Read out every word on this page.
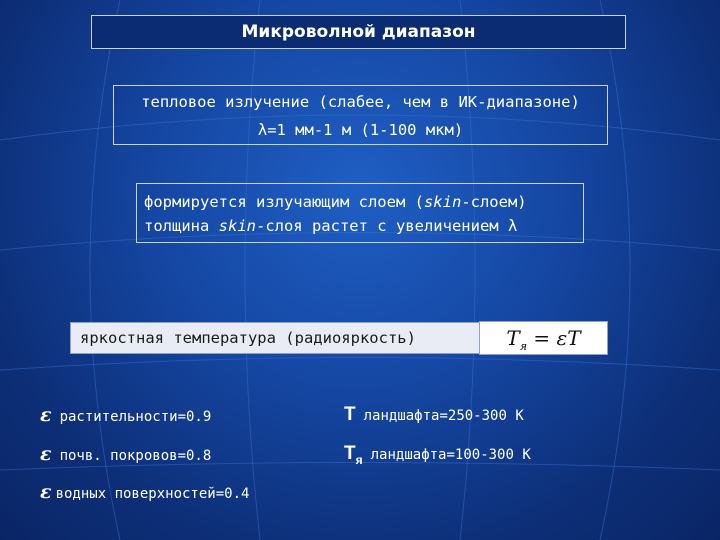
Микроволной диапазон
тепловое излучение (слабее, чем в ИК-диапазоне)
λ=1 мм-1 м (1-100 мкм)
формируется излучающим слоем (skin-слоем)
толщина skin-слоя растет с увеличением λ
яркостная температура (радиояркость)	$T_я = \varepsilon T$
ε растительности=0.9
ε почв. покровов=0.8
ε водных поверхностей=0.4
T ландшафта=250-300 К
$T_я$ ландшафта=100-300 К
